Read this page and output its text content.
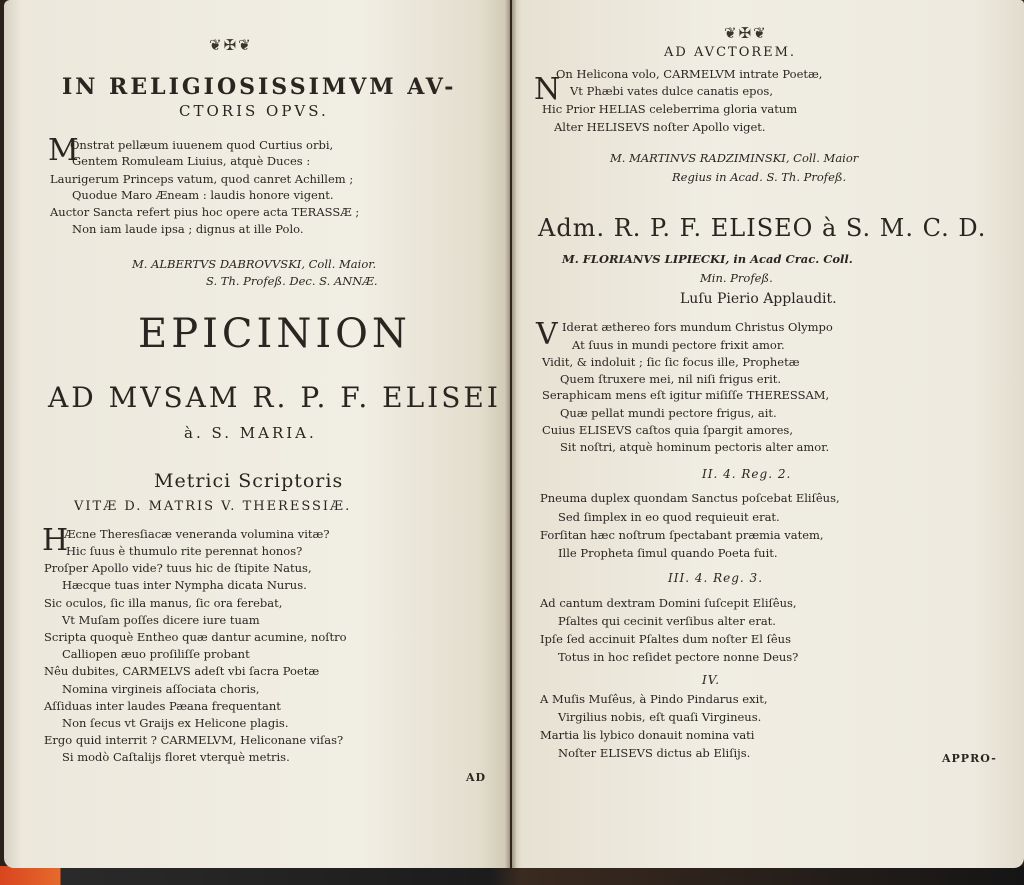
❦✠❦
IN RELIGIOSISSIMVM AV-
CTORIS OPVS.
M
Onstrat pellæum iuuenem quod Curtius orbi,
Gentem Romuleam Liuius, atquè Duces :
Laurigerum Princeps vatum, quod canret Achillem ;
Quodue Maro Æneam : laudis honore vigent.
Auctor Sancta refert pius hoc opere acta TERASSÆ ;
Non iam laude ipsa ; dignus at ille Polo.
M. ALBERTVS DABROVVSKI, Coll. Maior.
S. Th. Profeß. Dec. S. ANNÆ.
EPICINION
AD MVSAM R. P. F. ELISEI
à. S. MARIA.
Metrici Scriptoris
VITÆ D. MATRIS V. THERESSIÆ.
H
Æcne Theresſiacæ veneranda volumina vitæ?
Hic ſuus è thumulo rite perennat honos?
Proſper Apollo vide? tuus hic de ſtipite Natus,
Hæcque tuas inter Nympha dicata Nurus.
Sic oculos, ſic illa manus, ſic ora ferebat,
Vt Muſam poſſes dicere iure tuam
Scripta quoquè Entheo quæ dantur acumine, noſtro
Calliopen æuo proſiliſſe probant
Nêu dubites, CARMELVS adeſt vbi ſacra Poetæ
Nomina virgineis aſſociata choris,
Aſſiduas inter laudes Pæana frequentant
Non ſecus vt Graijs ex Helicone plagis.
Ergo quid interrit ? CARMELVM, Heliconane viſas?
Si modò Caſtalijs floret vterquè metris.
AD
❦✠❦
AD AVCTOREM.
N
On Helicona volo, CARMELVM intrate Poetæ,
Vt Phæbi vates dulce canatis epos,
Hic Prior HELIAS celeberrima gloria vatum
Alter HELISEVS noſter Apollo viget.
M. MARTINVS RADZIMINSKI, Coll. Maior
Regius in Acad. S. Th. Profeß.
Adm. R. P. F. ELISEO à S. M. C. D.
M. FLORIANVS LIPIECKI, in Acad Crac. Coll.
Min. Profeß.
Luſu Pierio Applaudit.
V Iderat æthereo fors mundum Christus Olympo
At ſuus in mundi pectore frixit amor.
Vidit, & indoluit ; ſic ſic focus ille, Prophetæ
Quem ſtruxere mei, nil niſi frigus erit.
Seraphicam mens eſt igitur miſiſſe THERESSAM,
Quæ pellat mundi pectore frigus, ait.
Cuius ELISEVS caſtos quia ſpargit amores,
Sit noſtri, atquè hominum pectoris alter amor.
II. 4. Reg. 2.
Pneuma duplex quondam Sanctus poſcebat Eliſêus,
Sed ſimplex in eo quod requieuit erat.
Forſitan hæc noſtrum ſpectabant præmia vatem,
Ille Propheta ſimul quando Poeta fuit.
III. 4. Reg. 3.
Ad cantum dextram Domini ſuſcepit Eliſêus,
Pſaltes qui cecinit verſibus alter erat.
Ipſe ſed accinuit Pſaltes dum noſter El ſêus
Totus in hoc reſidet pectore nonne Deus?
IV.
A Muſis Muſêus, à Pindo Pindarus exit,
Virgilius nobis, eſt quaſi Virgineus.
Martia lis lybico donauit nomina vati
Noſter ELISEVS dictus ab Eliſijs.	APPRO-
